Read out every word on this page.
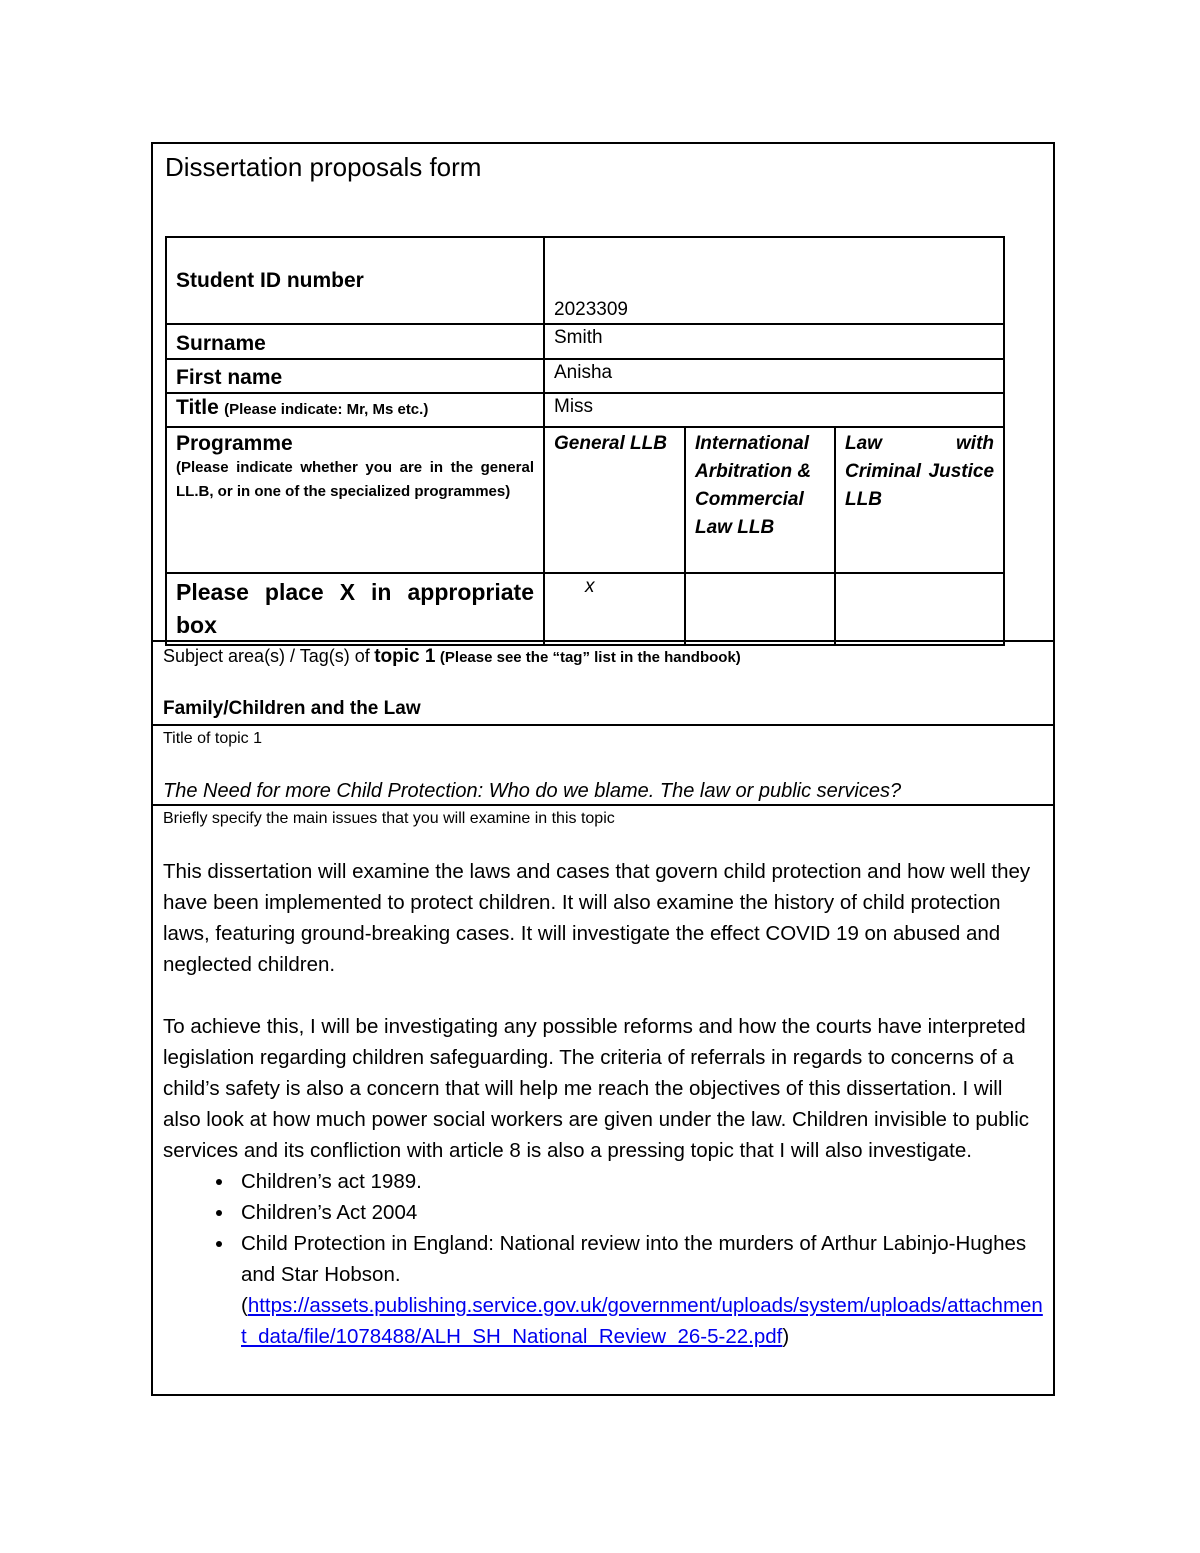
Dissertation proposals form
Student ID number	2023309		
Surname	Smith		
First name	Anisha		
Title (Please indicate: Mr, Ms etc.)	Miss		

Programme
(Please indicate whether you are in the general LL.B, or in one of the specialized programmes)	General LLB	International Arbitration & Commercial Law LLB	Law with Criminal Justice LLB

Please place X in appropriate box	x		
Subject area(s) / Tag(s) of topic 1 (Please see the “tag” list in the handbook)
Family/Children and the Law
Title of topic 1
The Need for more Child Protection: Who do we blame. The law or public services?
Briefly specify the main issues that you will examine in this topic

This dissertation will examine the laws and cases that govern child protection and how well they have been implemented to protect children. It will also examine the history of child protection laws, featuring ground-breaking cases. It will investigate the effect COVID 19 on abused and neglected children.

To achieve this, I will be investigating any possible reforms and how the courts have interpreted legislation regarding children safeguarding. The criteria of referrals in regards to concerns of a child’s safety is also a concern that will help me reach the objectives of this dissertation. I will also look at how much power social workers are given under the law. Children invisible to public services and its confliction with article 8 is also a pressing topic that I will also investigate.

• Children’s act 1989.
• Children’s Act 2004
• Child Protection in England: National review into the murders of Arthur Labinjo-Hughes and Star Hobson.
(https://assets.publishing.service.gov.uk/government/uploads/system/uploads/attachment_data/file/1078488/ALH_SH_National_Review_26-5-22.pdf)
